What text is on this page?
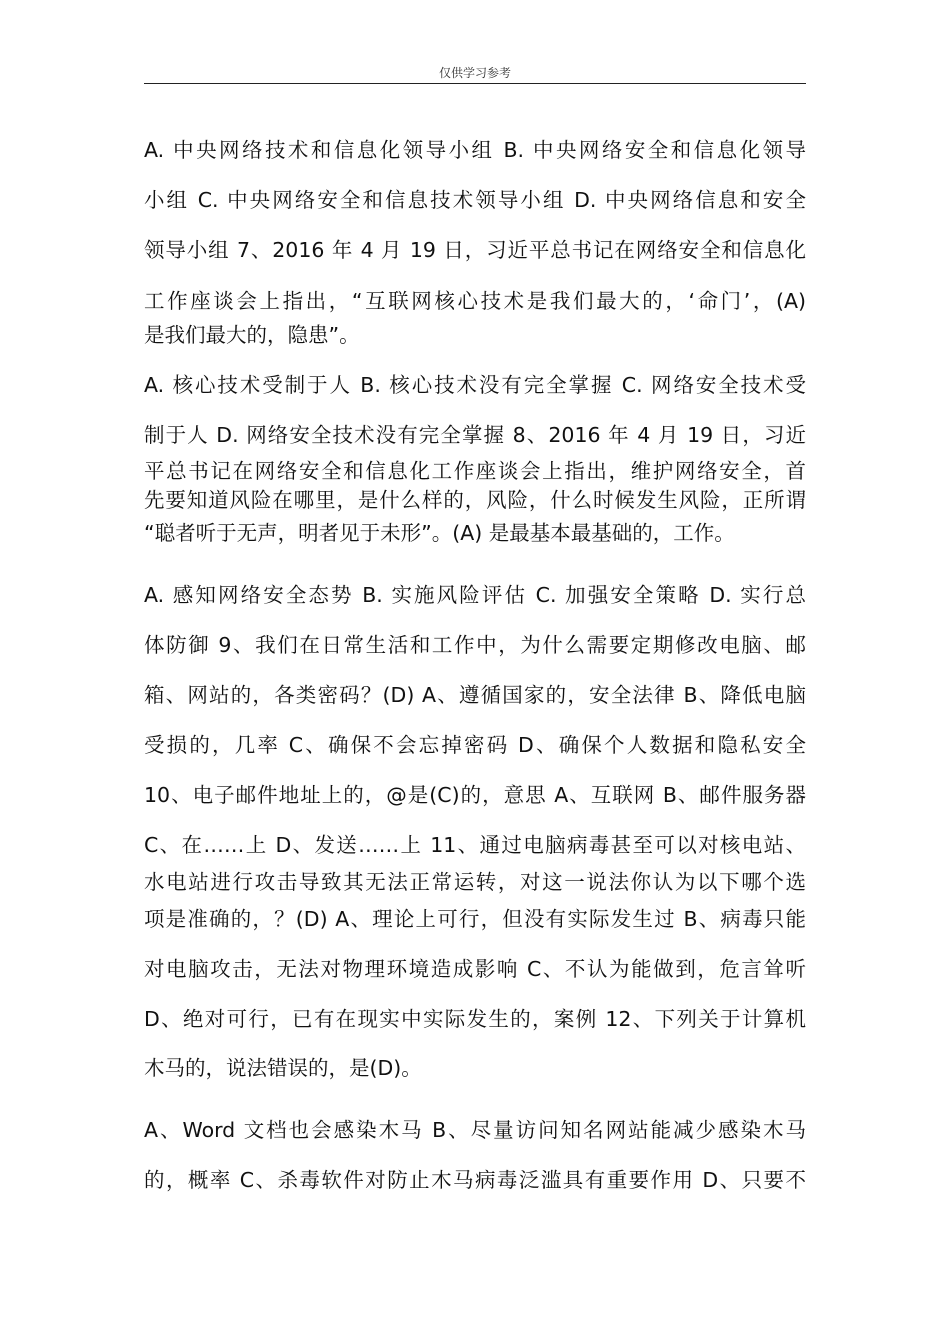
仅供学习参考
A. 中央网络技术和信息化领导小组 B. 中央网络安全和信息化领导
小组 C. 中央网络安全和信息技术领导小组 D. 中央网络信息和安全
领导小组 7、2016 年 4 月 19 日，习近平总书记在网络安全和信息化
工作座谈会上指出，“互联网核心技术是我们最大的，‘命门’，(A)
是我们最大的，隐患”。
A. 核心技术受制于人 B. 核心技术没有完全掌握 C. 网络安全技术受
制于人 D. 网络安全技术没有完全掌握 8、2016 年 4 月 19 日，习近
平总书记在网络安全和信息化工作座谈会上指出，维护网络安全，首
先要知道风险在哪里，是什么样的，风险，什么时候发生风险，正所谓
“聪者听于无声，明者见于未形”。(A) 是最基本最基础的，工作。
A. 感知网络安全态势 B. 实施风险评估 C. 加强安全策略 D. 实行总
体防御 9、我们在日常生活和工作中，为什么需要定期修改电脑、邮
箱、网站的，各类密码？(D) A、遵循国家的，安全法律 B、降低电脑
受损的，几率 C、确保不会忘掉密码 D、确保个人数据和隐私安全
10、电子邮件地址上的，@是(C)的，意思 A、互联网 B、邮件服务器
C、在……上 D、发送……上 11、通过电脑病毒甚至可以对核电站、
水电站进行攻击导致其无法正常运转，对这一说法你认为以下哪个选
项是准确的，？(D) A、理论上可行，但没有实际发生过 B、病毒只能
对电脑攻击，无法对物理环境造成影响 C、不认为能做到，危言耸听
D、绝对可行，已有在现实中实际发生的，案例 12、下列关于计算机
木马的，说法错误的，是(D)。
A、Word 文档也会感染木马 B、尽量访问知名网站能减少感染木马
的，概率 C、杀毒软件对防止木马病毒泛滥具有重要作用 D、只要不
